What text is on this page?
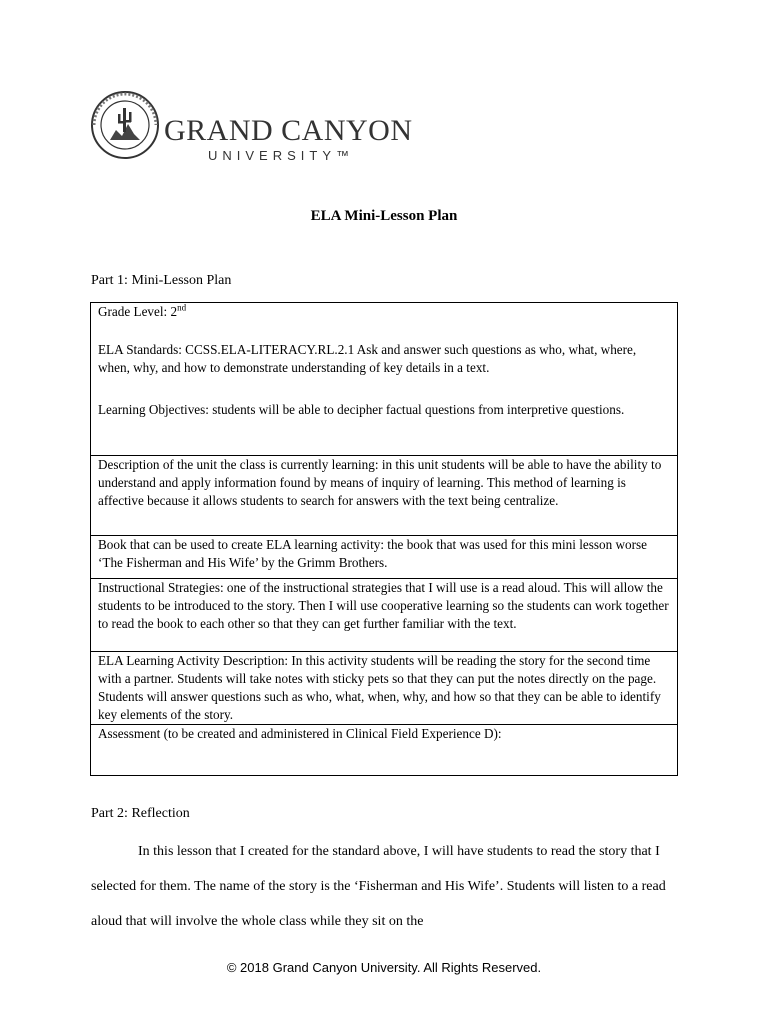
GRAND CANYON
UNIVERSITY™
ELA Mini-Lesson Plan
Part 1: Mini-Lesson Plan
Grade Level: 2nd
ELA Standards: CCSS.ELA-LITERACY.RL.2.1 Ask and answer such questions as who, what, where, when, why, and how to demonstrate understanding of key details in a text.
Learning Objectives: students will be able to decipher factual questions from interpretive questions.

Description of the unit the class is currently learning: in this unit students will be able to have the ability to understand and apply information found by means of inquiry of learning. This method of learning is affective because it allows students to search for answers with the text being centralize.
Book that can be used to create ELA learning activity: the book that was used for this mini lesson worse ‘The Fisherman and His Wife’ by the Grimm Brothers.
Instructional Strategies: one of the instructional strategies that I will use is a read aloud. This will allow the students to be introduced to the story. Then I will use cooperative learning so the students can work together to read the book to each other so that they can get further familiar with the text.
ELA Learning Activity Description: In this activity students will be reading the story for the second time with a partner. Students will take notes with sticky pets so that they can put the notes directly on the page. Students will answer questions such as who, what, when, why, and how so that they can be able to identify key elements of the story.
Assessment (to be created and administered in Clinical Field Experience D):
Part 2: Reflection

In this lesson that I created for the standard above, I will have students to read the story that I selected for them. The name of the story is the ‘Fisherman and His Wife’. Students will listen to a read aloud that will involve the whole class while they sit on the

© 2018 Grand Canyon University. All Rights Reserved.
